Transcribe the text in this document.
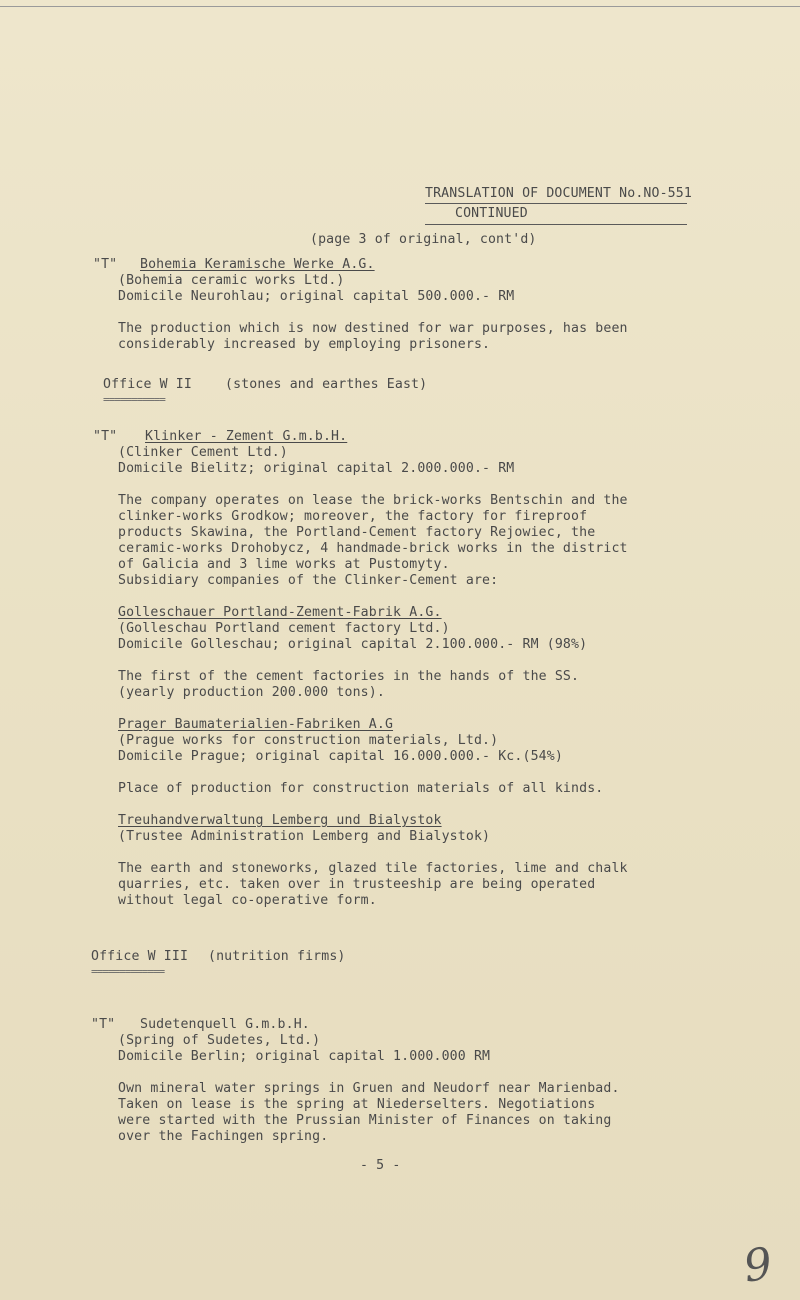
TRANSLATION OF DOCUMENT No.NO-551
CONTINUED
(page 3 of original, cont'd)
"T" Bohemia Keramische Werke A.G.
(Bohemia ceramic works Ltd.)
Domicile Neurohlau; original capital 500.000.- RM
The production which is now destined for war purposes, has been
considerably increased by employing prisoners.
Office W II	(stones and earthes East)
===========
"T" Klinker - Zement G.m.b.H.
(Clinker Cement Ltd.)
Domicile Bielitz; original capital 2.000.000.- RM
The company operates on lease the brick-works Bentschin and the
clinker-works Grodkow; moreover, the factory for fireproof
products Skawina, the Portland-Cement factory Rejowiec, the
ceramic-works Drohobycz, 4 handmade-brick works in the district
of Galicia and 3 lime works at Pustomyty.
Subsidiary companies of the Clinker-Cement are:
Golleschauer Portland-Zement-Fabrik A.G.
(Golleschau Portland cement factory Ltd.)
Domicile Golleschau; original capital 2.100.000.- RM (98%)
The first of the cement factories in the hands of the SS.
(yearly production 200.000 tons).
Prager Baumaterialien-Fabriken A.G
(Prague works for construction materials, Ltd.)
Domicile Prague; original capital 16.000.000.- Kc.(54%)
Place of production for construction materials of all kinds.
Treuhandverwaltung Lemberg und Bialystok
(Trustee Administration Lemberg and Bialystok)
The earth and stoneworks, glazed tile factories, lime and chalk
quarries, etc. taken over in trusteeship are being operated
without legal co-operative form.
Office W III (nutrition firms)
=============
"T" Sudetenquell G.m.b.H.
(Spring of Sudetes, Ltd.)
Domicile Berlin; original capital 1.000.000 RM
Own mineral water springs in Gruen and Neudorf near Marienbad.
Taken on lease is the spring at Niederselters. Negotiations
were started with the Prussian Minister of Finances on taking
over the Fachingen spring.
- 5 -
9
